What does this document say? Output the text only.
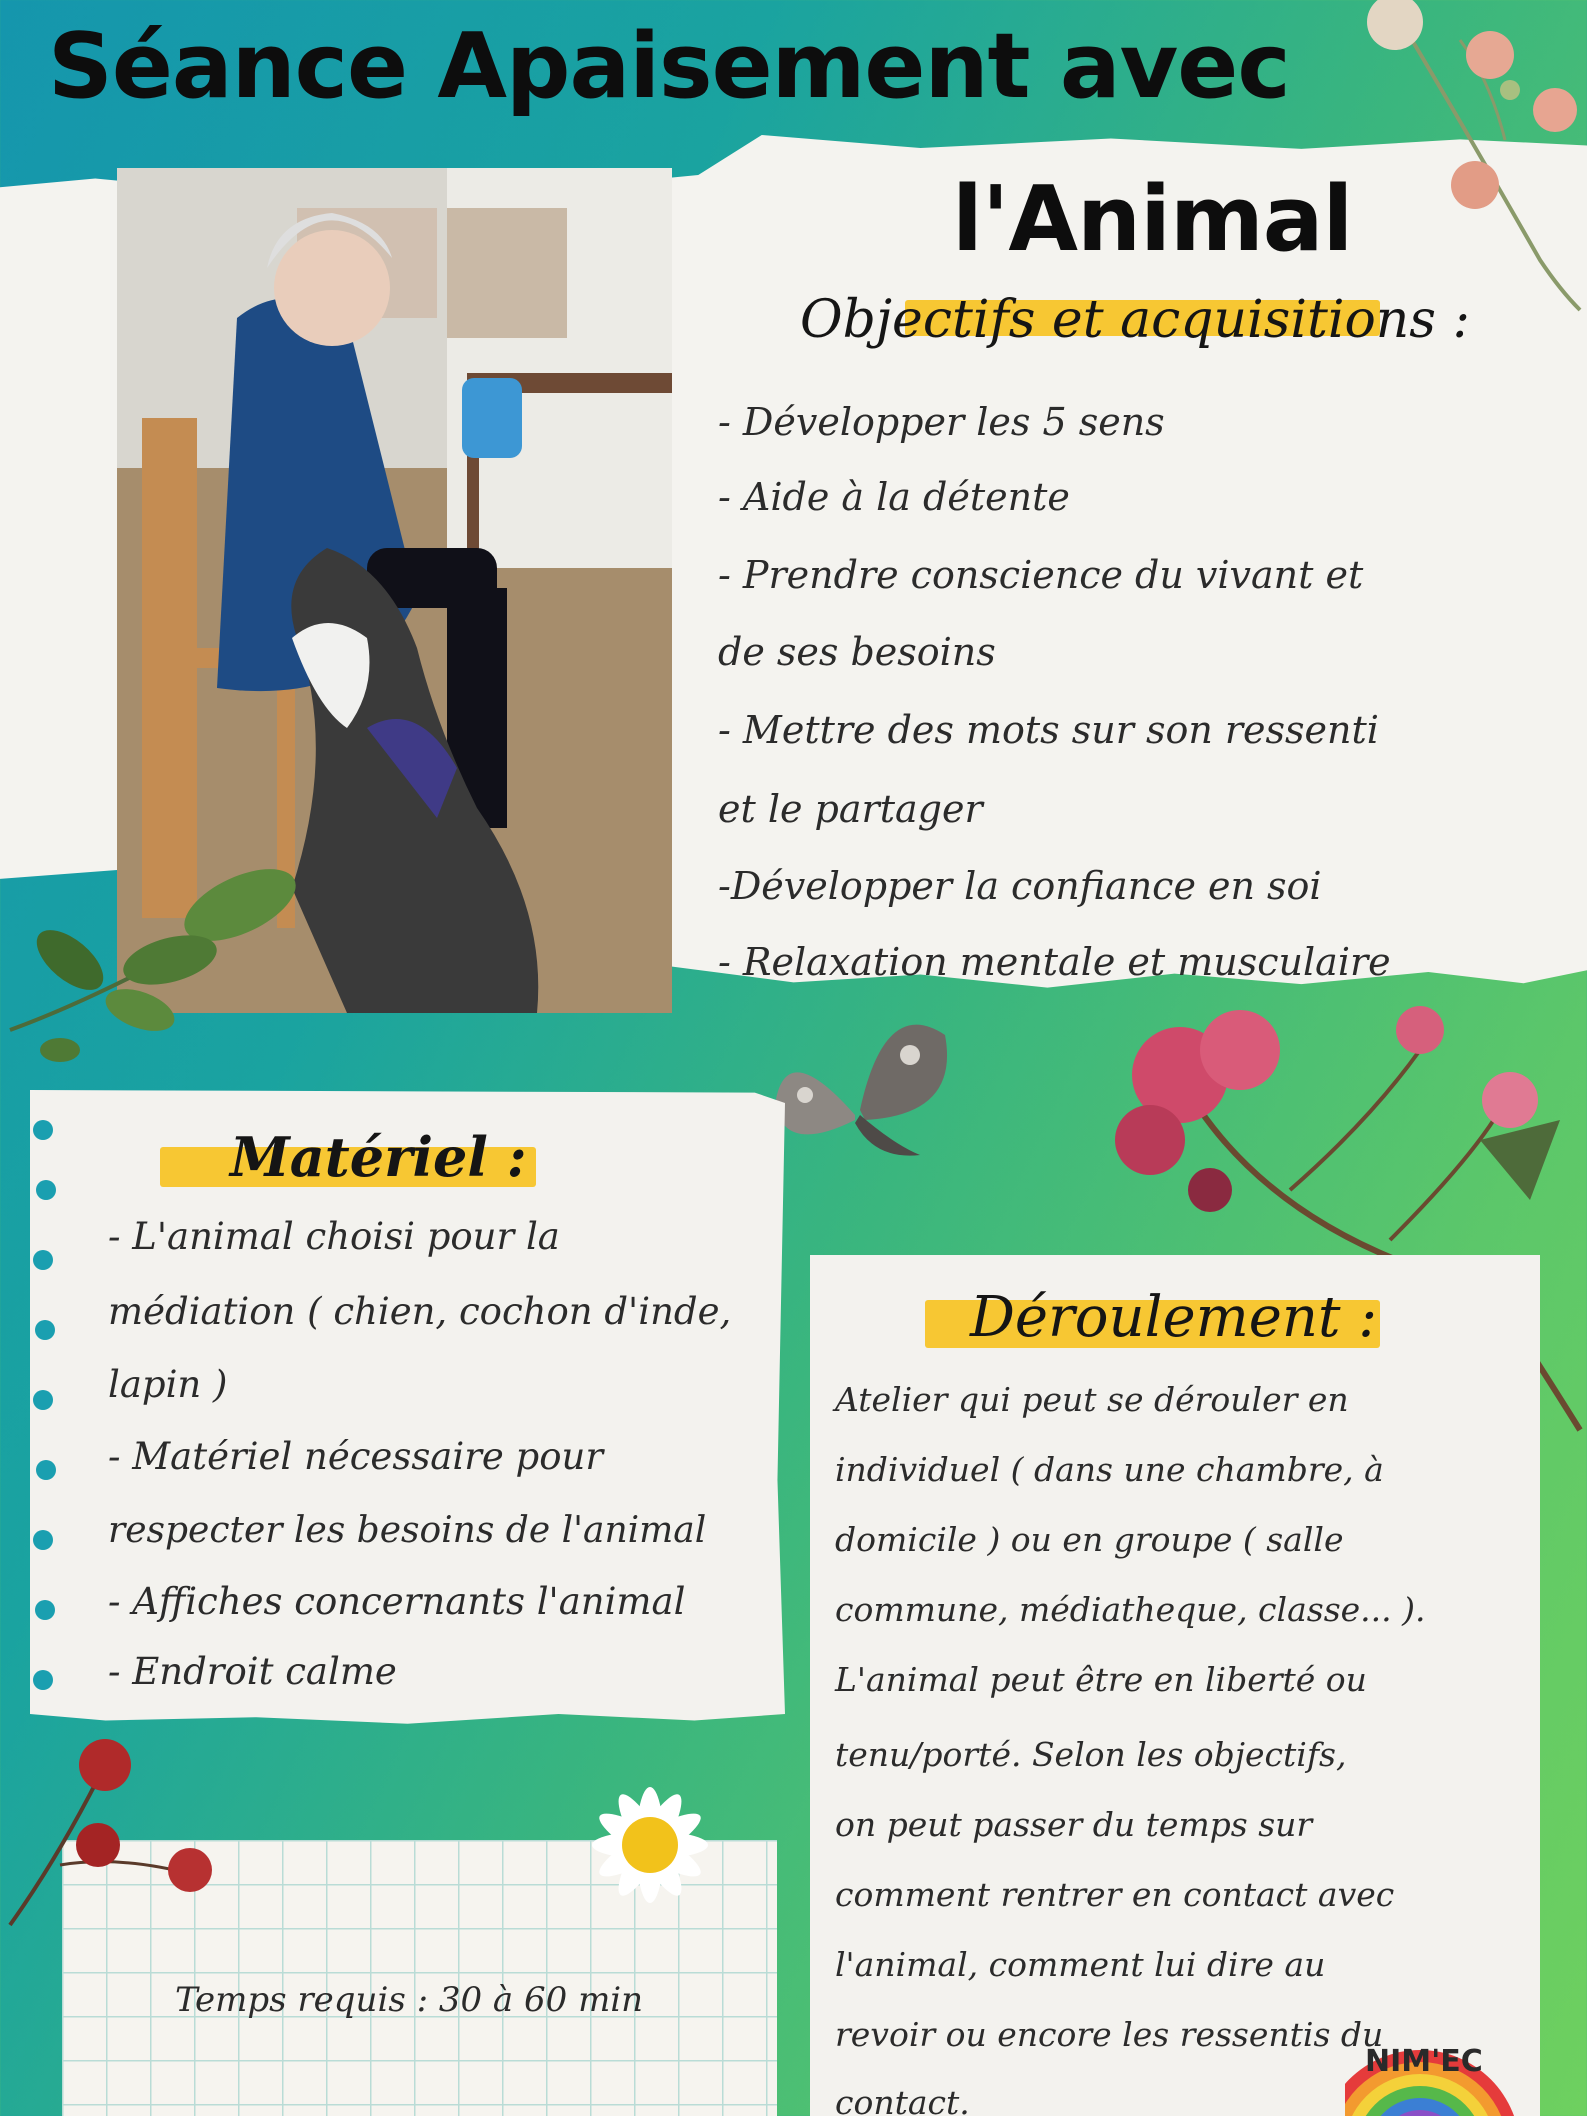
Séance Apaisement avec
l'Animal
Objectifs et acquisitions :
- Développer les 5 sens
- Aide à la détente
- Prendre conscience du vivant et
de ses besoins
- Mettre des mots sur son ressenti
et le partager
-Développer la confiance en soi
- Relaxation mentale et musculaire
Matériel :
- L'animal choisi pour la
médiation ( chien, cochon d'inde,
lapin )
- Matériel nécessaire pour
respecter les besoins de l'animal
- Affiches concernants l'animal
- Endroit calme
Déroulement :
Atelier qui peut se dérouler en
individuel ( dans une chambre, à
domicile ) ou en groupe ( salle
commune, médiatheque, classe... ).
L'animal peut être en liberté ou
tenu/porté. Selon les objectifs,
on peut passer du temps sur
comment rentrer en contact avec
l'animal, comment lui dire au
revoir ou encore les ressentis du
contact.
Temps requis : 30 à 60 min
NIM'EC
